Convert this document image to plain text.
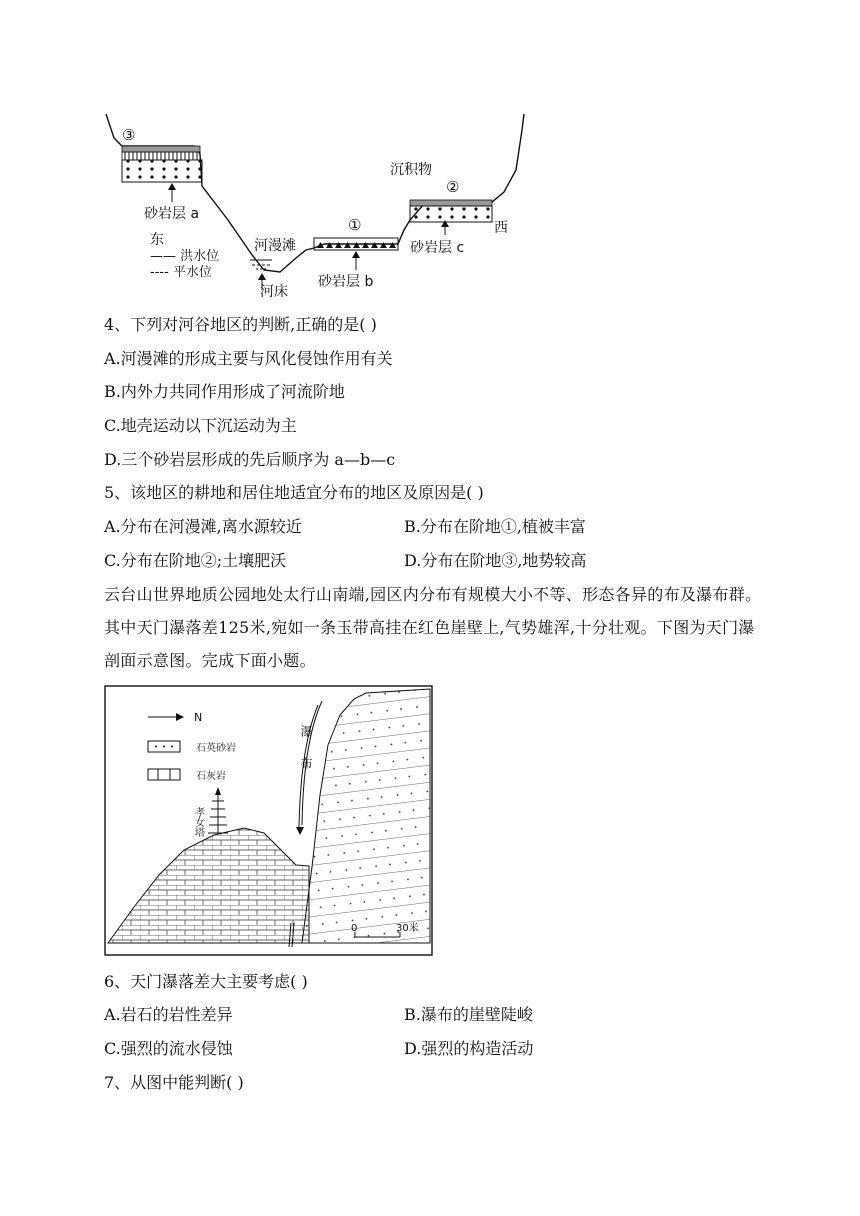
③
②
①
沉积物
砂岩层 a
砂岩层 b
砂岩层 c
东
西
河漫滩
河床
—— 洪水位
---- 平水位
4、下列对河谷地区的判断,正确的是( )
A.河漫滩的形成主要与风化侵蚀作用有关
B.内外力共同作用形成了河流阶地
C.地壳运动以下沉运动为主
D.三个砂岩层形成的先后顺序为 a—b—c
5、该地区的耕地和居住地适宜分布的地区及原因是( )
A.分布在河漫滩,离水源较近	B.分布在阶地①,植被丰富
C.分布在阶地②;土壤肥沃	D.分布在阶地③,地势较高
云台山世界地质公园地处太行山南端,园区内分布有规模大小不等、形态各异的布及瀑布群。其中天门瀑落差125米,宛如一条玉带高挂在红色崖壁上,气势雄浑,十分壮观。下图为天门瀑剖面示意图。完成下面小题。
N
石英砂岩
石灰岩
孝女塔
瀑布
0	30米
6、天门瀑落差大主要考虑( )
A.岩石的岩性差异	B.瀑布的崖壁陡峻
C.强烈的流水侵蚀	D.强烈的构造活动
7、从图中能判断( )
